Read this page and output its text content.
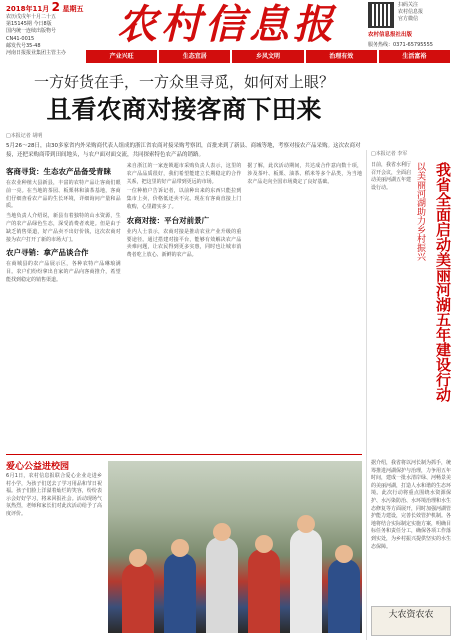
2018年11月 2 星期五
农历戊戌年十月二十五
第15145期 今日8版
国内统一连续出版物号
CN41-0015
邮发代号35-48
河南日报报业集团主管主办
农村信息报	扫码关注
农村信息报
官方微信
农村信息报社出版
服务热线：0371-65795555
产业兴旺	生态宜居	乡风文明	治理有效	生活富裕
一方好货在手，一方众里寻觅，如何对上眼？
且看农商对接客商下田来
□本报记者 胡明
5月26～28日，由30多家省内外采购商代表人组成的浙江省农商对接采购考察团，首批来到了新县、商城等地，考察对接农产品采购。这次农商对接，还把采购商带到田间地头，与农户面对面交流，共同探索特色农产品的销路。
客商寻货：生态农产品备受青睐

在农业种植大县新县，丰富的农特产品让客商们眼前一亮。在当地的茶园、板栗林和油茶基地，客商们仔细查看农产品的生长环境，详细询问产量和品质。

当地负责人介绍说，新县有着独特的山水资源，生产的农产品绿色生态，深受消费者欢迎。但是由于缺乏销售渠道，好产品卖不出好价钱，这次农商对接为农户打开了新的市场大门。

农户寻销：拿产品谈合作

在商城县的农产品展示区，各种农特产品琳琅满目。农户们纷纷拿出自家的产品向客商推介，希望能找到稳定的销售渠道。

来自浙江的一家连锁超市采购负责人表示，这里的农产品品质很好，我们希望能建立长期稳定的合作关系，把这里的好产品带到更远的市场。

一位种植户告诉记者，以前种出来的东西只能拉到集市上卖，价格低还卖不完。现在有客商直接上门收购，心里踏实多了。

农商对接：平台对前景广

业内人士表示，农商对接是推动农业产业升级的重要途径。通过搭建对接平台，能够有效解决农产品卖难问题，让农民得到更多实惠，同时也让城市消费者吃上放心、新鲜的农产品。

据了解，此次活动期间，共达成合作意向数十项，涉及茶叶、板栗、油茶、稻米等多个品类，为当地农产品走向全国市场奠定了良好基础。

爱心公益进校园
6月1日，农村信息报联合爱心企业走进乡村小学，为孩子们送去了学习用品和节日祝福。孩子们脸上洋溢着灿烂的笑容，纷纷表示会好好学习，将来回报社会。活动现场气氛热烈，老师和家长们对此次活动给予了高度评价。
□本报记者 李军
日前，我省水利厅召开会议，全面启动美丽河湖五年建设行动。	以美丽河湖助力乡村振兴 我省全面启动美丽河湖五年建设行动
据介绍，我省将以河长制为抓手，统筹推进河湖保护与治理，力争用五年时间，建成一批水清岸绿、河畅景美的美丽河湖，打造人水和谐的生态环境。此次行动将重点围绕水资源保护、水污染防治、水环境治理和水生态修复等方面展开，同时加强河湖管护能力建设，完善长效管护机制。各地将结合实际制定实施方案，明确目标任务和责任分工，确保各项工作落到实处，为乡村振兴提供坚实的水生态保障。
大农资农农
